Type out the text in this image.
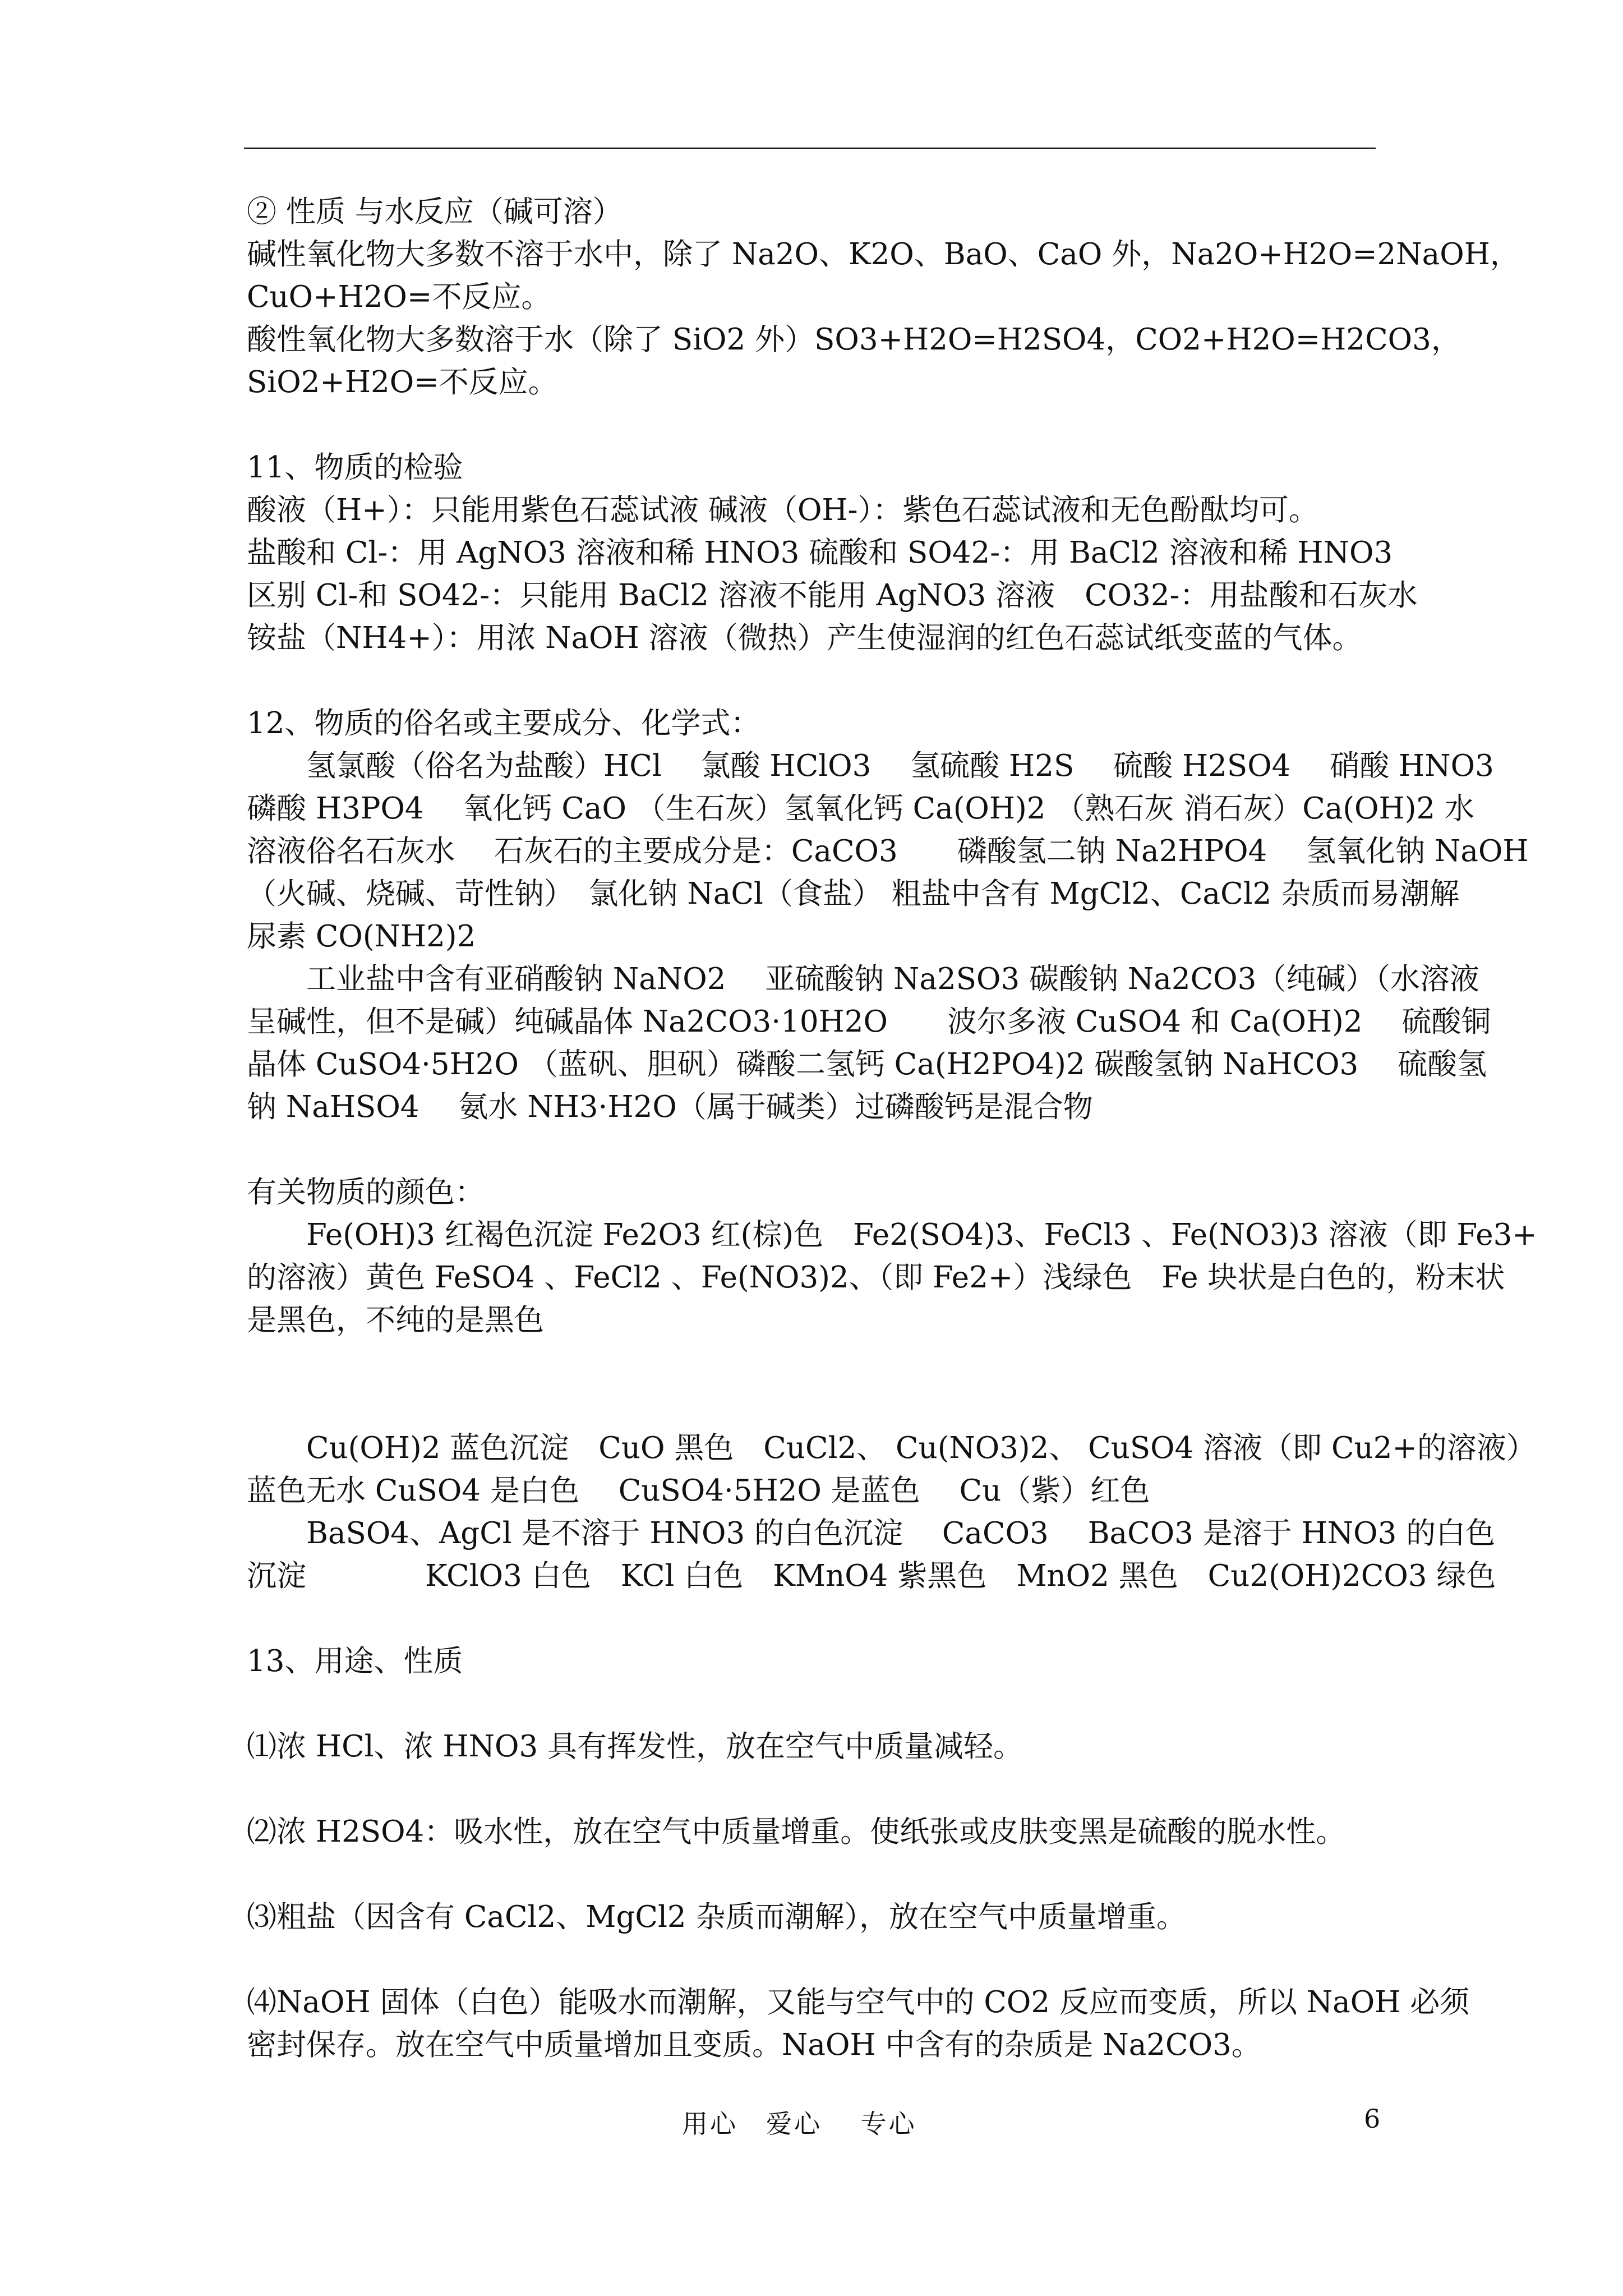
② 性质 与水反应（碱可溶）
碱性氧化物大多数不溶于水中，除了 Na2O、K2O、BaO、CaO 外，Na2O+H2O=2NaOH，
CuO+H2O=不反应。
酸性氧化物大多数溶于水（除了 SiO2 外）SO3+H2O=H2SO4，CO2+H2O=H2CO3，
SiO2+H2O=不反应。
11、物质的检验
酸液（H+）：只能用紫色石蕊试液 碱液（OH-）：紫色石蕊试液和无色酚酞均可。
盐酸和 Cl-：用 AgNO3 溶液和稀 HNO3 硫酸和 SO42-：用 BaCl2 溶液和稀 HNO3
区别 Cl-和 SO42-：只能用 BaCl2 溶液不能用 AgNO3 溶液　CO32-：用盐酸和石灰水
铵盐（NH4+）：用浓 NaOH 溶液（微热）产生使湿润的红色石蕊试纸变蓝的气体。
12、物质的俗名或主要成分、化学式：
氢氯酸（俗名为盐酸）HCl　 氯酸 HClO3　 氢硫酸 H2S　 硫酸 H2SO4　 硝酸 HNO3
磷酸 H3PO4　 氧化钙 CaO （生石灰）氢氧化钙 Ca(OH)2 （熟石灰 消石灰）Ca(OH)2 水
溶液俗名石灰水　 石灰石的主要成分是：CaCO3　　磷酸氢二钠 Na2HPO4　 氢氧化钠 NaOH
（火碱、烧碱、苛性钠）　氯化钠 NaCl（食盐） 粗盐中含有 MgCl2、CaCl2 杂质而易潮解
尿素 CO(NH2)2
工业盐中含有亚硝酸钠 NaNO2　 亚硫酸钠 Na2SO3 碳酸钠 Na2CO3（纯碱）（水溶液
呈碱性，但不是碱）纯碱晶体 Na2CO3·10H2O　　波尔多液 CuSO4 和 Ca(OH)2　 硫酸铜
晶体 CuSO4·5H2O （蓝矾、胆矾）磷酸二氢钙 Ca(H2PO4)2 碳酸氢钠 NaHCO3　 硫酸氢
钠 NaHSO4　 氨水 NH3·H2O（属于碱类）过磷酸钙是混合物
有关物质的颜色：
Fe(OH)3 红褐色沉淀 Fe2O3 红(棕)色　Fe2(SO4)3、FeCl3 、Fe(NO3)3 溶液（即 Fe3+
的溶液）黄色 FeSO4 、FeCl2 、Fe(NO3)2、（即 Fe2+）浅绿色　Fe 块状是白色的，粉末状
是黑色，不纯的是黑色
Cu(OH)2 蓝色沉淀　CuO 黑色　CuCl2、 Cu(NO3)2、 CuSO4 溶液（即 Cu2+的溶液）
蓝色无水 CuSO4 是白色　 CuSO4·5H2O 是蓝色　 Cu（紫）红色
BaSO4、AgCl 是不溶于 HNO3 的白色沉淀　 CaCO3　 BaCO3 是溶于 HNO3 的白色
沉淀　　　　KClO3 白色　KCl 白色　KMnO4 紫黑色　MnO2 黑色　Cu2(OH)2CO3 绿色
13、用途、性质
⑴浓 HCl、浓 HNO3 具有挥发性，放在空气中质量减轻。
⑵浓 H2SO4：吸水性，放在空气中质量增重。使纸张或皮肤变黑是硫酸的脱水性。
⑶粗盐（因含有 CaCl2、MgCl2 杂质而潮解），放在空气中质量增重。
⑷NaOH 固体（白色）能吸水而潮解，又能与空气中的 CO2 反应而变质，所以 NaOH 必须
密封保存。放在空气中质量增加且变质。NaOH 中含有的杂质是 Na2CO3。
用心　爱心　 专心	6
